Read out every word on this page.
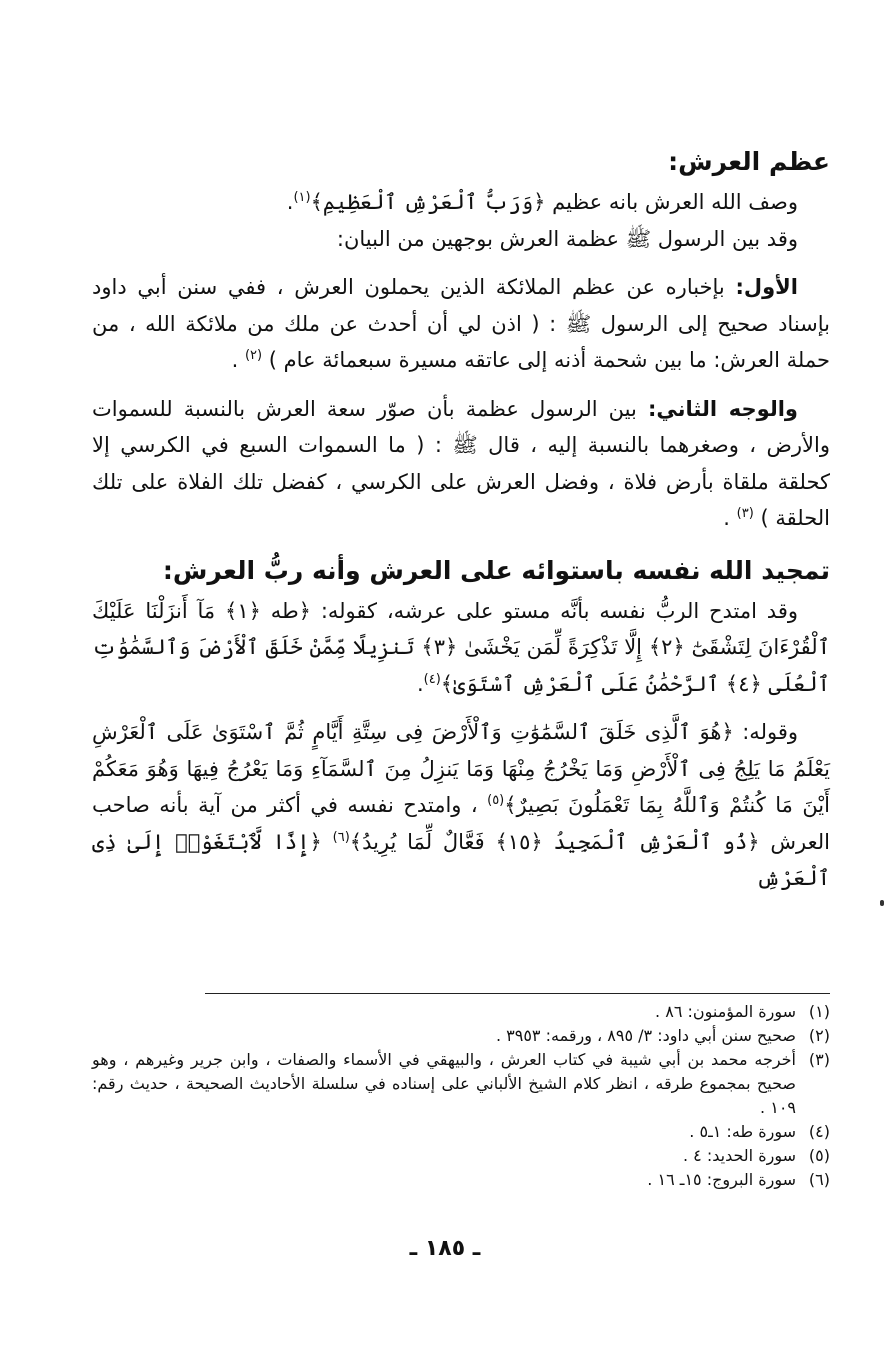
عظم العرش:

وصف الله العرش بانه عظيم ﴿وَرَبُّ ٱلْعَرْشِ ٱلْعَظِيمِ﴾$^{(١)}$.

وقد بين الرسول ﷺ عظمة العرش بوجهين من البيان:

الأول: بإخباره عن عظم الملائكة الذين يحملون العرش ، ففي سنن أبي داود بإسناد صحيح إلى الرسول ﷺ : ( اذن لي أن أحدث عن ملك من ملائكة الله ، من حملة العرش: ما بين شحمة أذنه إلى عاتقه مسيرة سبعمائة عام ) $^{(٢)}$ .

والوجه الثاني: بين الرسول عظمة بأن صوّر سعة العرش بالنسبة للسموات والأرض ، وصغرهما بالنسبة إليه ، قال ﷺ : ( ما السموات السبع في الكرسي إلا كحلقة ملقاة بأرض فلاة ، وفضل العرش على الكرسي ، كفضل تلك الفلاة على تلك الحلقة ) $^{(٣)}$ .

تمجيد الله نفسه باستوائه على العرش وأنه ربُّ العرش:

وقد امتدح الربُّ نفسه بأنَّه مستو على عرشه، كقوله: ﴿طه ﴿١﴾ مَآ أَنزَلْنَا عَلَيْكَ ٱلْقُرْءَانَ لِتَشْقَىٰٓ ﴿٢﴾ إِلَّا تَذْكِرَةً لِّمَن يَخْشَىٰ ﴿٣﴾ تَنزِيلًا مِّمَّنْ خَلَقَ ٱلْأَرْضَ وَٱلسَّمَٰوَٰتِ ٱلْعُلَى ﴿٤﴾ ٱلرَّحْمَٰنُ عَلَى ٱلْعَرْشِ ٱسْتَوَىٰ﴾$^{(٤)}$.

وقوله: ﴿هُوَ ٱلَّذِى خَلَقَ ٱلسَّمَٰوَٰتِ وَٱلْأَرْضَ فِى سِتَّةِ أَيَّامٍ ثُمَّ ٱسْتَوَىٰ عَلَى ٱلْعَرْشِ يَعْلَمُ مَا يَلِجُ فِى ٱلْأَرْضِ وَمَا يَخْرُجُ مِنْهَا وَمَا يَنزِلُ مِنَ ٱلسَّمَآءِ وَمَا يَعْرُجُ فِيهَا وَهُوَ مَعَكُمْ أَيْنَ مَا كُنتُمْ وَٱللَّهُ بِمَا تَعْمَلُونَ بَصِيرٌ﴾$^{(٥)}$ ، وامتدح نفسه في أكثر من آية بأنه صاحب العرش ﴿ذُو ٱلْعَرْشِ ٱلْمَجِيدُ ﴿١٥﴾ فَعَّالٌ لِّمَا يُرِيدُ﴾$^{(٦)}$ ﴿إِذًا لَّٱبْتَغَوْا۟ إِلَىٰ ذِى ٱلْعَرْشِ

(١)
سورة المؤمنون: ٨٦ .
(٢)
صحيح سنن أبي داود: ٣/ ٨٩٥ ، ورقمه: ٣٩٥٣ .
(٣)
أخرجه محمد بن أبي شيبة في كتاب العرش ، والبيهقي في الأسماء والصفات ، وابن جرير وغيرهم ، وهو صحيح بمجموع طرقه ، انظر كلام الشيخ الألباني على إسناده في سلسلة الأحاديث الصحيحة ، حديث رقم: ١٠٩ .
(٤)
سورة طه: ١ـ٥ .
(٥)
سورة الحديد: ٤ .
(٦)
سورة البروج: ١٥ـ ١٦ .
ـ ١٨٥ ـ
